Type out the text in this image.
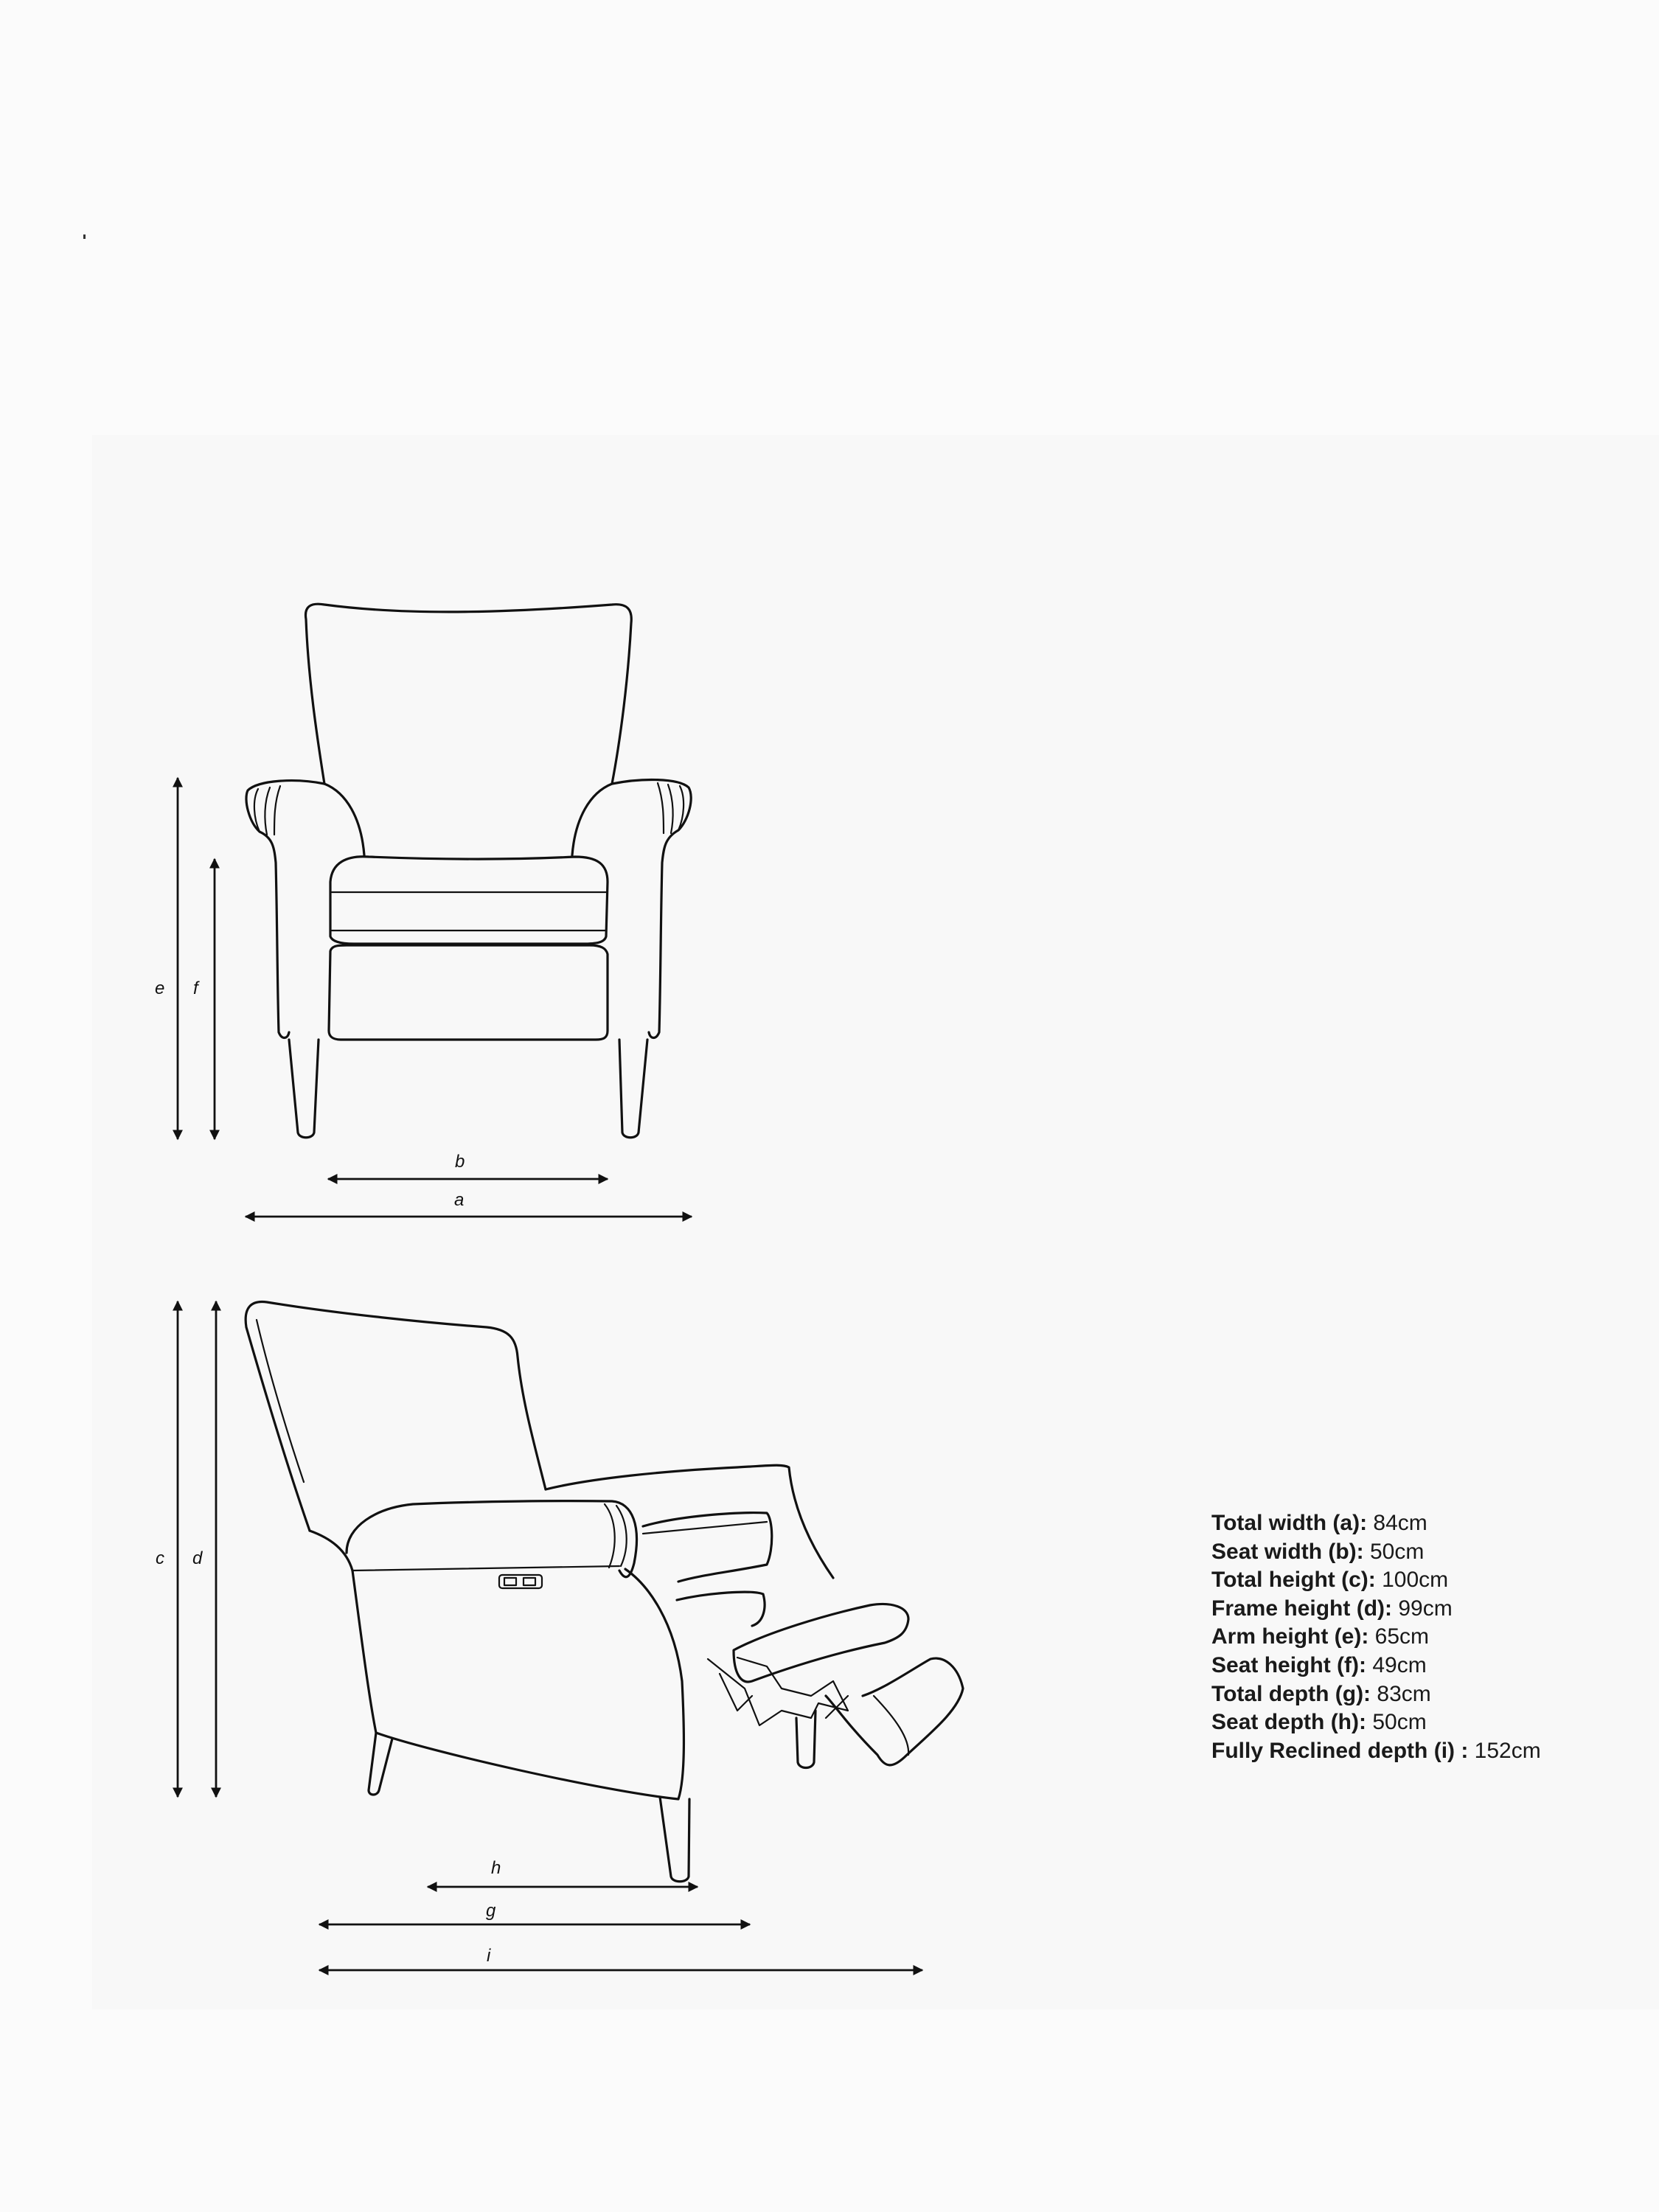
e f
b
a
c d
h
g
i
Total width (a): 84cm
Seat width (b): 50cm
Total height (c): 100cm
Frame height (d): 99cm
Arm height (e): 65cm
Seat height (f): 49cm
Total depth (g): 83cm
Seat depth (h): 50cm
Fully Reclined depth (i) : 152cm
